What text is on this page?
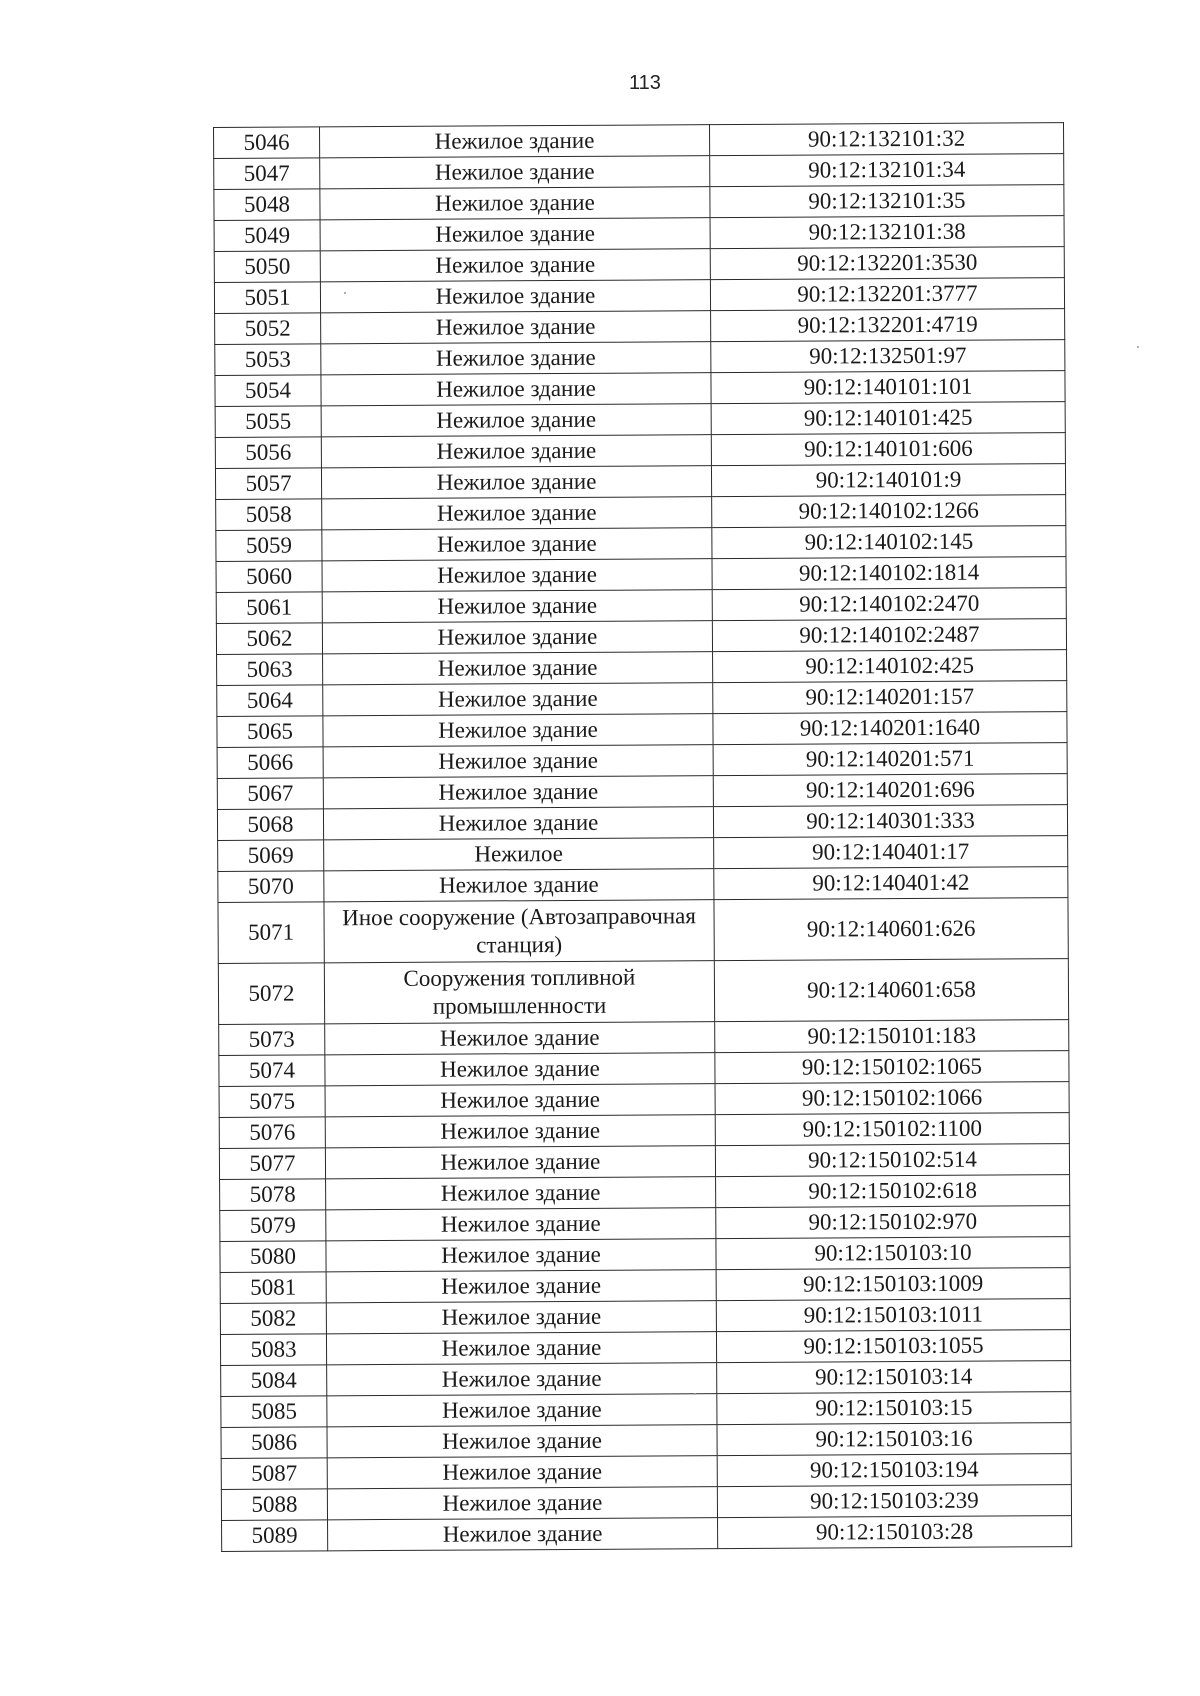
113
5046	Нежилое здание	90:12:132101:32
5047	Нежилое здание	90:12:132101:34
5048	Нежилое здание	90:12:132101:35
5049	Нежилое здание	90:12:132101:38
5050	Нежилое здание	90:12:132201:3530
5051	Нежилое здание	90:12:132201:3777
5052	Нежилое здание	90:12:132201:4719
5053	Нежилое здание	90:12:132501:97
5054	Нежилое здание	90:12:140101:101
5055	Нежилое здание	90:12:140101:425
5056	Нежилое здание	90:12:140101:606
5057	Нежилое здание	90:12:140101:9
5058	Нежилое здание	90:12:140102:1266
5059	Нежилое здание	90:12:140102:145
5060	Нежилое здание	90:12:140102:1814
5061	Нежилое здание	90:12:140102:2470
5062	Нежилое здание	90:12:140102:2487
5063	Нежилое здание	90:12:140102:425
5064	Нежилое здание	90:12:140201:157
5065	Нежилое здание	90:12:140201:1640
5066	Нежилое здание	90:12:140201:571
5067	Нежилое здание	90:12:140201:696
5068	Нежилое здание	90:12:140301:333
5069	Нежилое	90:12:140401:17
5070	Нежилое здание	90:12:140401:42
5071	Иное сооружение (Автозаправочная станция)	90:12:140601:626
5072	Сооружения топливной промышленности	90:12:140601:658
5073	Нежилое здание	90:12:150101:183
5074	Нежилое здание	90:12:150102:1065
5075	Нежилое здание	90:12:150102:1066
5076	Нежилое здание	90:12:150102:1100
5077	Нежилое здание	90:12:150102:514
5078	Нежилое здание	90:12:150102:618
5079	Нежилое здание	90:12:150102:970
5080	Нежилое здание	90:12:150103:10
5081	Нежилое здание	90:12:150103:1009
5082	Нежилое здание	90:12:150103:1011
5083	Нежилое здание	90:12:150103:1055
5084	Нежилое здание	90:12:150103:14
5085	Нежилое здание	90:12:150103:15
5086	Нежилое здание	90:12:150103:16
5087	Нежилое здание	90:12:150103:194
5088	Нежилое здание	90:12:150103:239
5089	Нежилое здание	90:12:150103:28
